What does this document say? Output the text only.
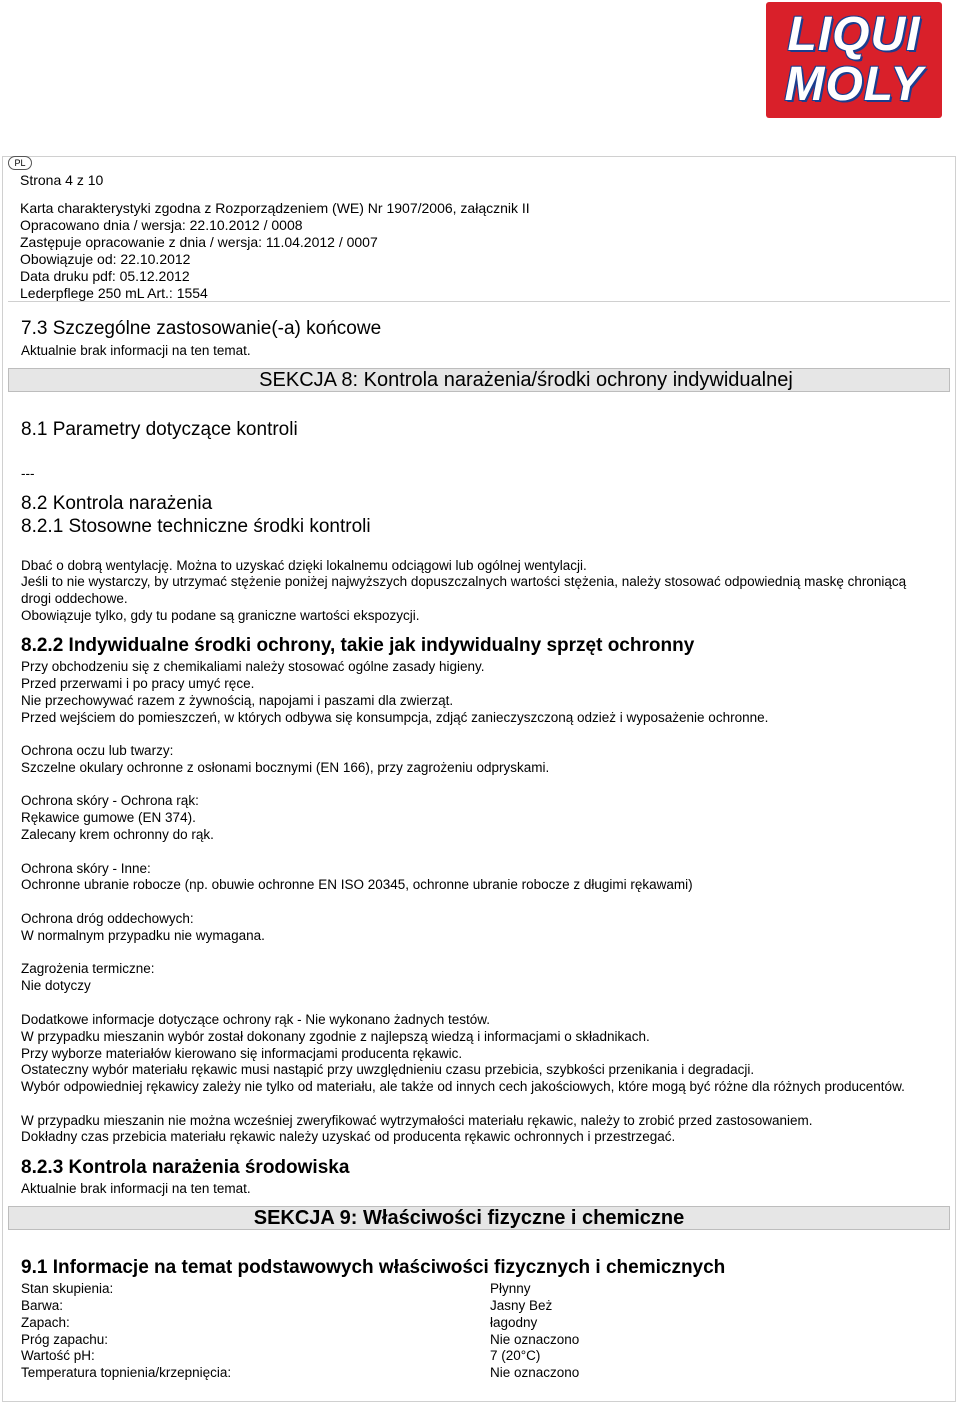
LIQUI
MOLY
PL
Strona 4 z 10
Karta charakterystyki zgodna z Rozporządzeniem (WE) Nr 1907/2006, załącznik II
Opracowano dnia / wersja: 22.10.2012 / 0008
Zastępuje opracowanie z dnia / wersja: 11.04.2012 / 0007
Obowiązuje od: 22.10.2012
Data druku pdf: 05.12.2012
Lederpflege 250 mL Art.: 1554
7.3 Szczególne zastosowanie(-a) końcowe
Aktualnie brak informacji na ten temat.
SEKCJA 8: Kontrola narażenia/środki ochrony indywidualnej
8.1 Parametry dotyczące kontroli
---
8.2 Kontrola narażenia
8.2.1 Stosowne techniczne środki kontroli
Dbać o dobrą wentylację. Można to uzyskać dzięki lokalnemu odciągowi lub ogólnej wentylacji.
Jeśli to nie wystarczy, by utrzymać stężenie poniżej najwyższych dopuszczalnych wartości stężenia, należy stosować odpowiednią maskę chroniącą drogi oddechowe.
Obowiązuje tylko, gdy tu podane są graniczne wartości ekspozycji.
8.2.2 Indywidualne środki ochrony, takie jak indywidualny sprzęt ochronny
Przy obchodzeniu się z chemikaliami należy stosować ogólne zasady higieny.
Przed przerwami i po pracy umyć ręce.
Nie przechowywać razem z żywnością, napojami i paszami dla zwierząt.
Przed wejściem do pomieszczeń, w których odbywa się konsumpcja, zdjąć zanieczyszczoną odzież i wyposażenie ochronne.
Ochrona oczu lub twarzy:
Szczelne okulary ochronne z osłonami bocznymi (EN 166), przy zagrożeniu odpryskami.
Ochrona skóry - Ochrona rąk:
Rękawice gumowe (EN 374).
Zalecany krem ochronny do rąk.
Ochrona skóry - Inne:
Ochronne ubranie robocze (np. obuwie ochronne EN ISO 20345, ochronne ubranie robocze z długimi rękawami)
Ochrona dróg oddechowych:
W normalnym przypadku nie wymagana.
Zagrożenia termiczne:
Nie dotyczy
Dodatkowe informacje dotyczące ochrony rąk - Nie wykonano żadnych testów.
W przypadku mieszanin wybór został dokonany zgodnie z najlepszą wiedzą i informacjami o składnikach.
Przy wyborze materiałów kierowano się informacjami producenta rękawic.
Ostateczny wybór materiału rękawic musi nastąpić przy uwzględnieniu czasu przebicia, szybkości przenikania i degradacji.
Wybór odpowiedniej rękawicy zależy nie tylko od materiału, ale także od innych cech jakościowych, które mogą być różne dla różnych producentów.
W przypadku mieszanin nie można wcześniej zweryfikować wytrzymałości materiału rękawic, należy to zrobić przed zastosowaniem.
Dokładny czas przebicia materiału rękawic należy uzyskać od producenta rękawic ochronnych i przestrzegać.
8.2.3 Kontrola narażenia środowiska
Aktualnie brak informacji na ten temat.
SEKCJA 9: Właściwości fizyczne i chemiczne
9.1 Informacje na temat podstawowych właściwości fizycznych i chemicznych
Stan skupienia:	Płynny
Barwa:	Jasny Beż
Zapach:	łagodny
Próg zapachu:	Nie oznaczono
Wartość pH:	7 (20°C)
Temperatura topnienia/krzepnięcia:	Nie oznaczono
